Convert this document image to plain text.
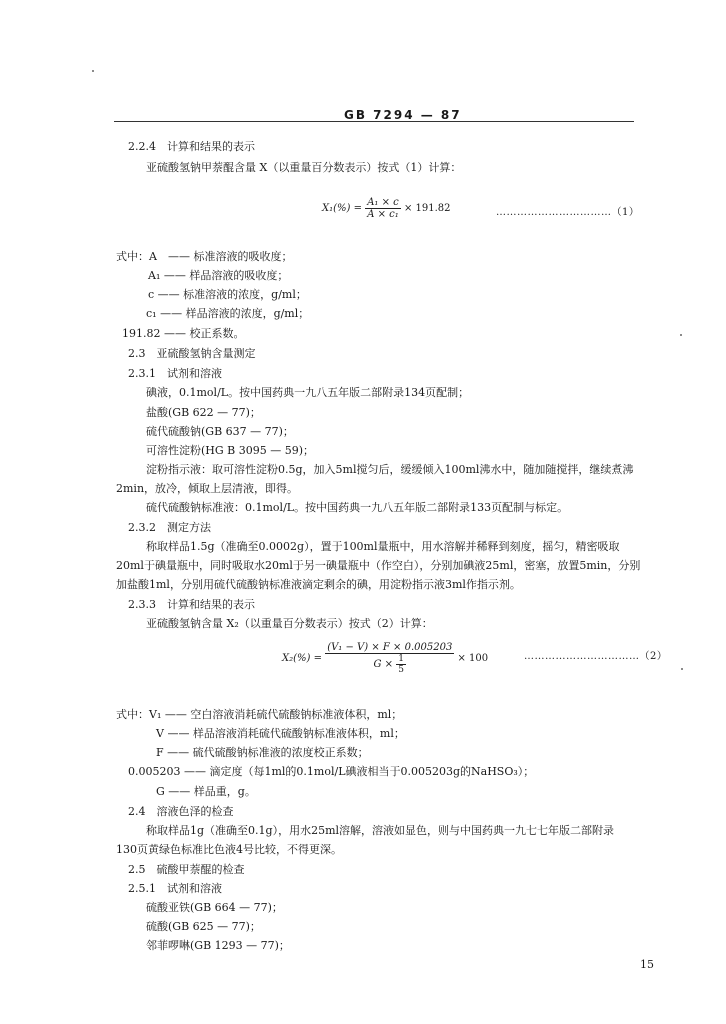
GB 7294 — 87
2.2.4　计算和结果的表示
亚硫酸氢钠甲萘醌含量 X（以重量百分数表示）按式（1）计算：
$X_1(\%) = \frac{\text{A₁ × c}}{\text{A × c₁}} \times 191.82$	……………………………（1）
式中：A —— 标准溶液的吸收度；
A₁ —— 样品溶液的吸收度；
c —— 标准溶液的浓度，g/ml；
c₁ —— 样品溶液的浓度，g/ml；
191.82 —— 校正系数。
2.3　亚硫酸氢钠含量测定
2.3.1　试剂和溶液
碘液，0.1mol/L。按中国药典一九八五年版二部附录134页配制；
盐酸(GB 622 — 77)；
硫代硫酸钠(GB 637 — 77)；
可溶性淀粉(HG B 3095 — 59)；
淀粉指示液：取可溶性淀粉0.5g，加入5ml搅匀后，缓缓倾入100ml沸水中，随加随搅拌，继续煮沸
2min，放冷，倾取上层清液，即得。
硫代硫酸钠标准液：0.1mol/L。按中国药典一九八五年版二部附录133页配制与标定。
2.3.2　测定方法
称取样品1.5g（准确至0.0002g），置于100ml量瓶中，用水溶解并稀释到刻度，摇匀，精密吸取
20ml于碘量瓶中，同时吸取水20ml于另一碘量瓶中（作空白），分别加碘液25ml，密塞，放置5min，分别
加盐酸1ml，分别用硫代硫酸钠标准液滴定剩余的碘，用淀粉指示液3ml作指示剂。
2.3.3　计算和结果的表示
亚硫酸氢钠含量 X₂（以重量百分数表示）按式（2）计算：
$X_2(\%) = \frac{\text{(V₁ − V) × F × 0.005203}}{G \times \frac{1}{5}} \times 100$	……………………………（2）
式中：V₁ —— 空白溶液消耗硫代硫酸钠标准液体积，ml；
V —— 样品溶液消耗硫代硫酸钠标准液体积，ml；
F —— 硫代硫酸钠标准液的浓度校正系数；
0.005203 —— 滴定度（每1ml的0.1mol/L碘液相当于0.005203g的NaHSO₃）；
G —— 样品重，g。
2.4　溶液色泽的检查
称取样品1g（准确至0.1g），用水25ml溶解，溶液如显色，则与中国药典一九七七年版二部附录
130页黄绿色标准比色液4号比较，不得更深。
2.5　硫酸甲萘醌的检查
2.5.1　试剂和溶液
硫酸亚铁(GB 664 — 77)；
硫酸(GB 625 — 77)；
邻菲啰啉(GB 1293 — 77)；
15
